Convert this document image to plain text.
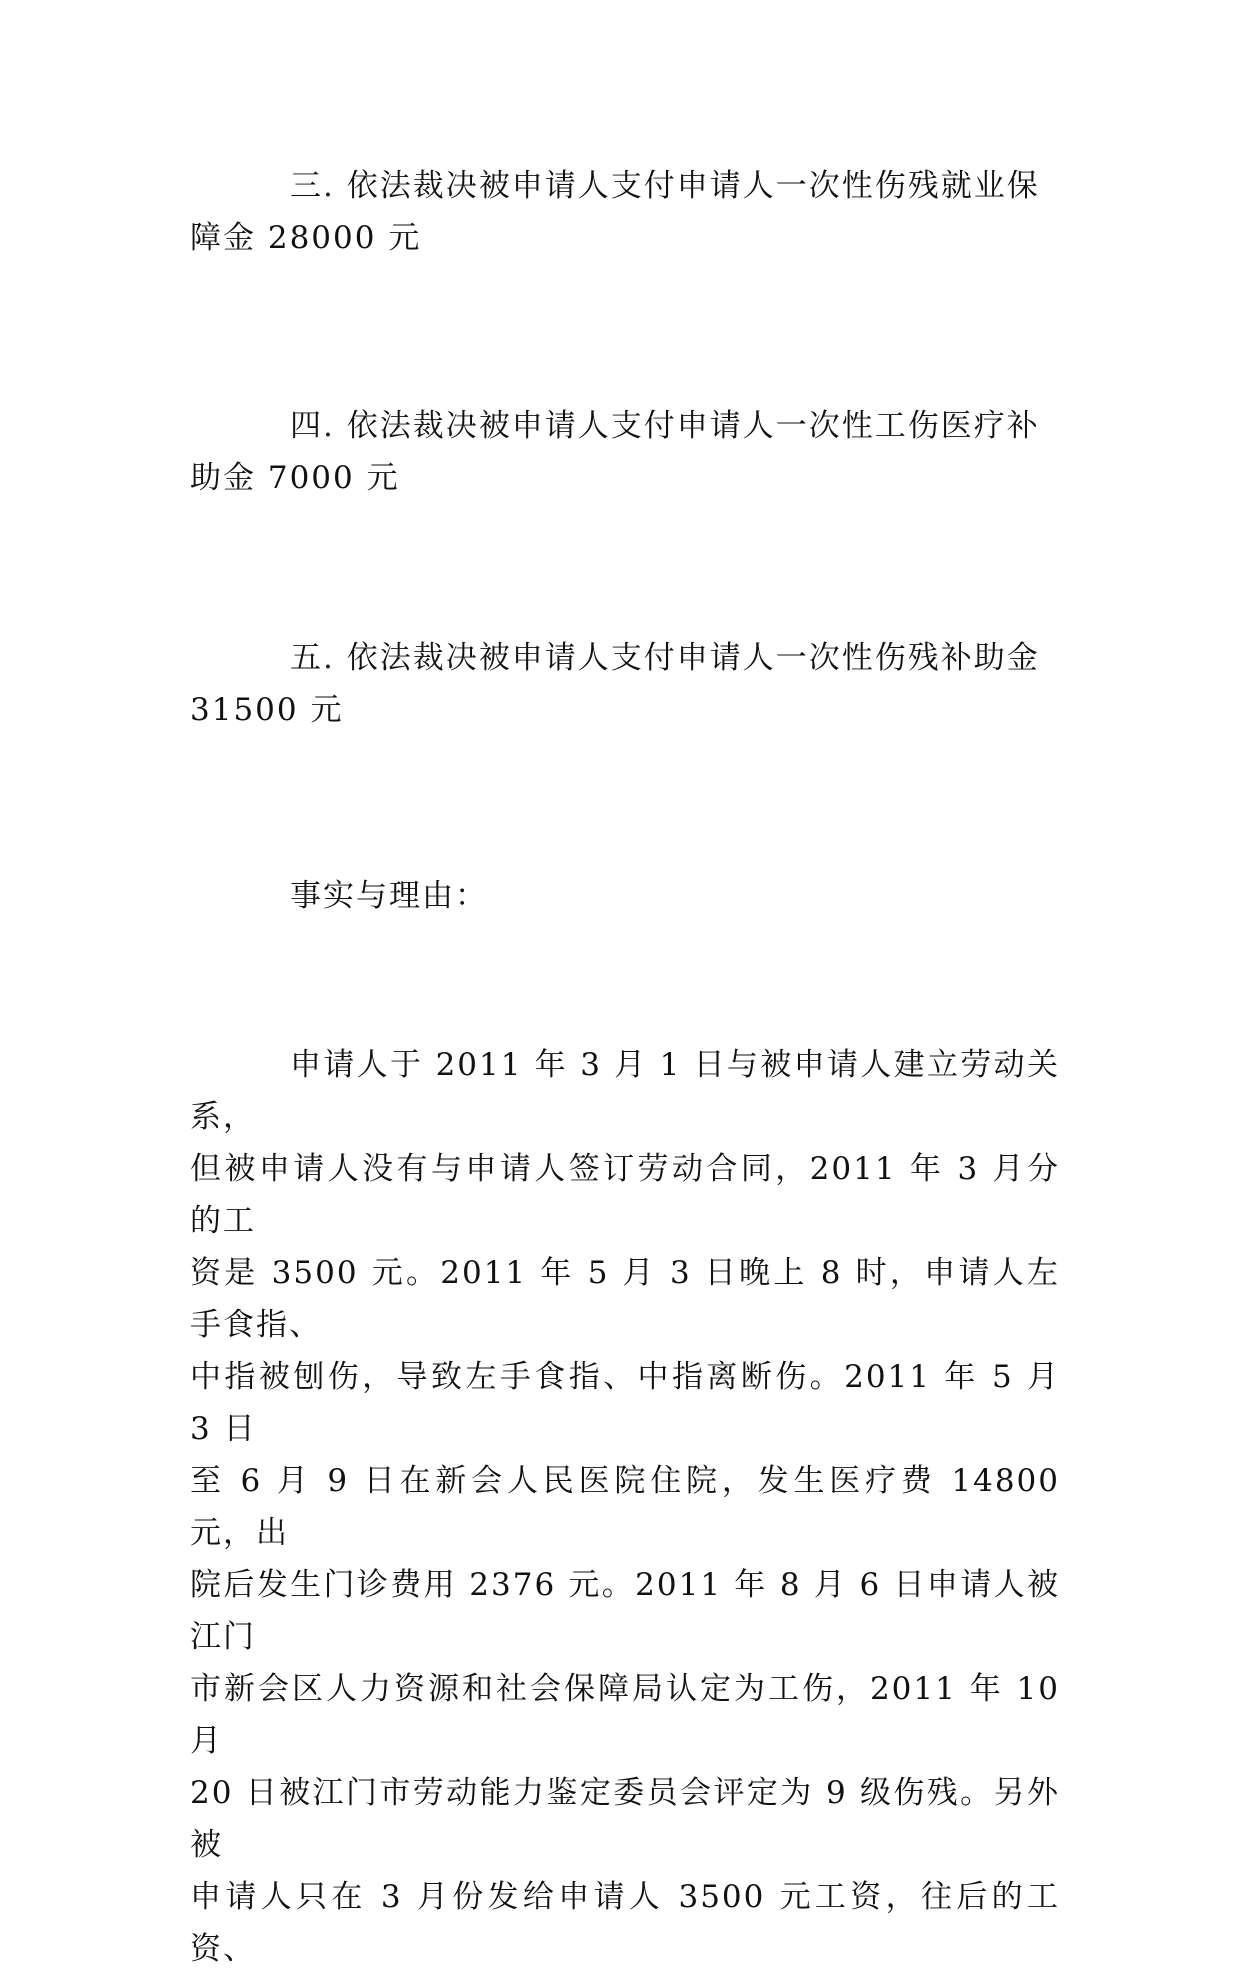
三. 依法裁决被申请人支付申请人一次性伤残就业保
障金 28000 元

四. 依法裁决被申请人支付申请人一次性工伤医疗补
助金 7000 元

五. 依法裁决被申请人支付申请人一次性伤残补助金
31500 元

事实与理由：

申请人于 2011 年 3 月 1 日与被申请人建立劳动关系，
但被申请人没有与申请人签订劳动合同，2011 年 3 月分的工
资是 3500 元。2011 年 5 月 3 日晚上 8 时，申请人左手食指、
中指被刨伤，导致左手食指、中指离断伤。2011 年 5 月 3 日
至 6 月 9 日在新会人民医院住院，发生医疗费 14800 元，出
院后发生门诊费用 2376 元。2011 年 8 月 6 日申请人被江门
市新会区人力资源和社会保障局认定为工伤，2011 年 10 月
20 日被江门市劳动能力鉴定委员会评定为 9 级伤残。另外被
申请人只在 3 月份发给申请人 3500 元工资，往后的工资、
